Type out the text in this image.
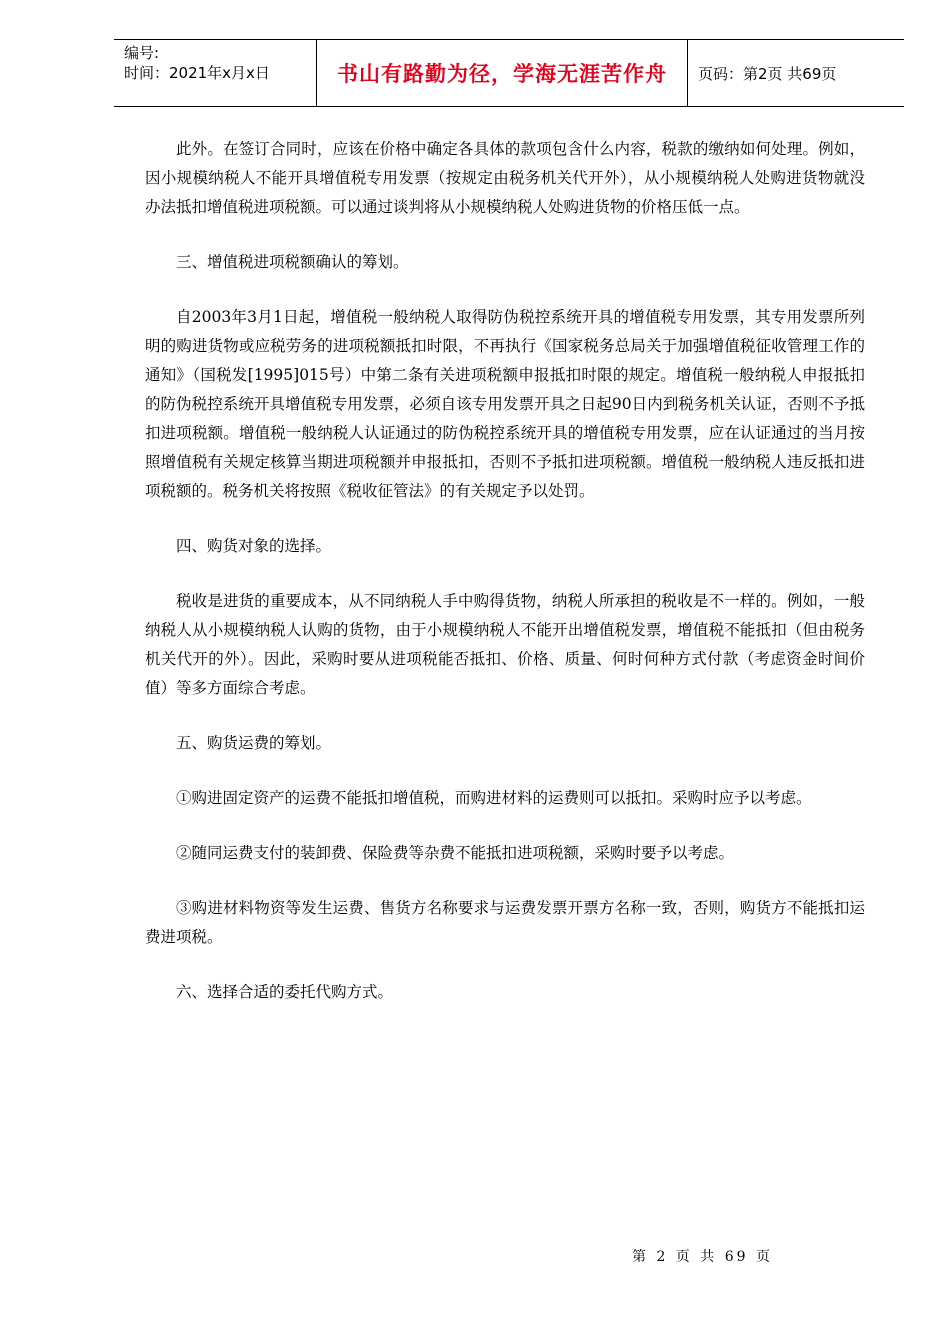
编号:
时间：2021年x月x日	书山有路勤为径，学海无涯苦作舟 页码：第2页 共69页

此外。在签订合同时，应该在价格中确定各具体的款项包含什么内容，税款的缴纳如何处理。例如，因小规模纳税人不能开具增值税专用发票（按规定由税务机关代开外），从小规模纳税人处购进货物就没办法抵扣增值税进项税额。可以通过谈判将从小规模纳税人处购进货物的价格压低一点。

三、增值税进项税额确认的筹划。

自2003年3月1日起，增值税一般纳税人取得防伪税控系统开具的增值税专用发票，其专用发票所列明的购进货物或应税劳务的进项税额抵扣时限，不再执行《国家税务总局关于加强增值税征收管理工作的通知》（国税发[1995]015号）中第二条有关进项税额申报抵扣时限的规定。增值税一般纳税人申报抵扣的防伪税控系统开具增值税专用发票，必须自该专用发票开具之日起90日内到税务机关认证，否则不予抵扣进项税额。增值税一般纳税人认证通过的防伪税控系统开具的增值税专用发票，应在认证通过的当月按照增值税有关规定核算当期进项税额并申报抵扣，否则不予抵扣进项税额。增值税一般纳税人违反抵扣进项税额的。税务机关将按照《税收征管法》的有关规定予以处罚。

四、购货对象的选择。

税收是进货的重要成本，从不同纳税人手中购得货物，纳税人所承担的税收是不一样的。例如，一般纳税人从小规模纳税人认购的货物，由于小规模纳税人不能开出增值税发票，增值税不能抵扣（但由税务机关代开的外）。因此，采购时要从进项税能否抵扣、价格、质量、何时何种方式付款（考虑资金时间价值）等多方面综合考虑。

五、购货运费的筹划。

①购进固定资产的运费不能抵扣增值税，而购进材料的运费则可以抵扣。采购时应予以考虑。

②随同运费支付的装卸费、保险费等杂费不能抵扣进项税额，采购时要予以考虑。

③购进材料物资等发生运费、售货方名称要求与运费发票开票方名称一致，否则，购货方不能抵扣运费进项税。

六、选择合适的委托代购方式。

第 2 页 共 69 页
